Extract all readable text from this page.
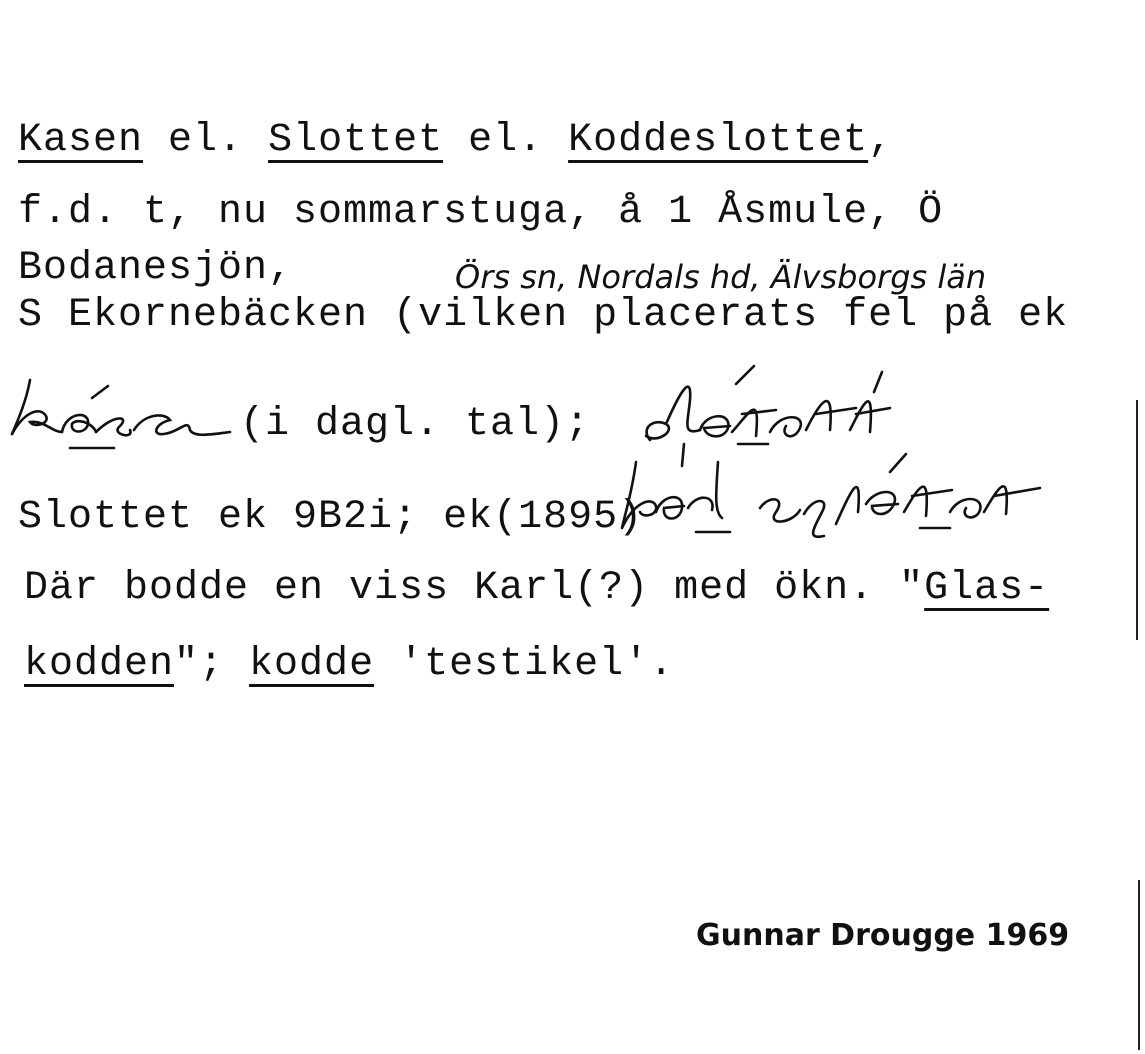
Kasen el. Slottet el. Koddeslottet,
f.d. t, nu sommarstuga, å 1 Åsmule, Ö
Bodanesjön,	Örs sn, Nordals hd, Älvsborgs län
S Ekornebäcken (vilken placerats fel på ek
(i dagl. tal);
Slottet ek 9B2i; ek(1895)
Där bodde en viss Karl(?) med ökn. "Glas-
kodden"; kodde 'testikel'.
Gunnar Drougge 1969
